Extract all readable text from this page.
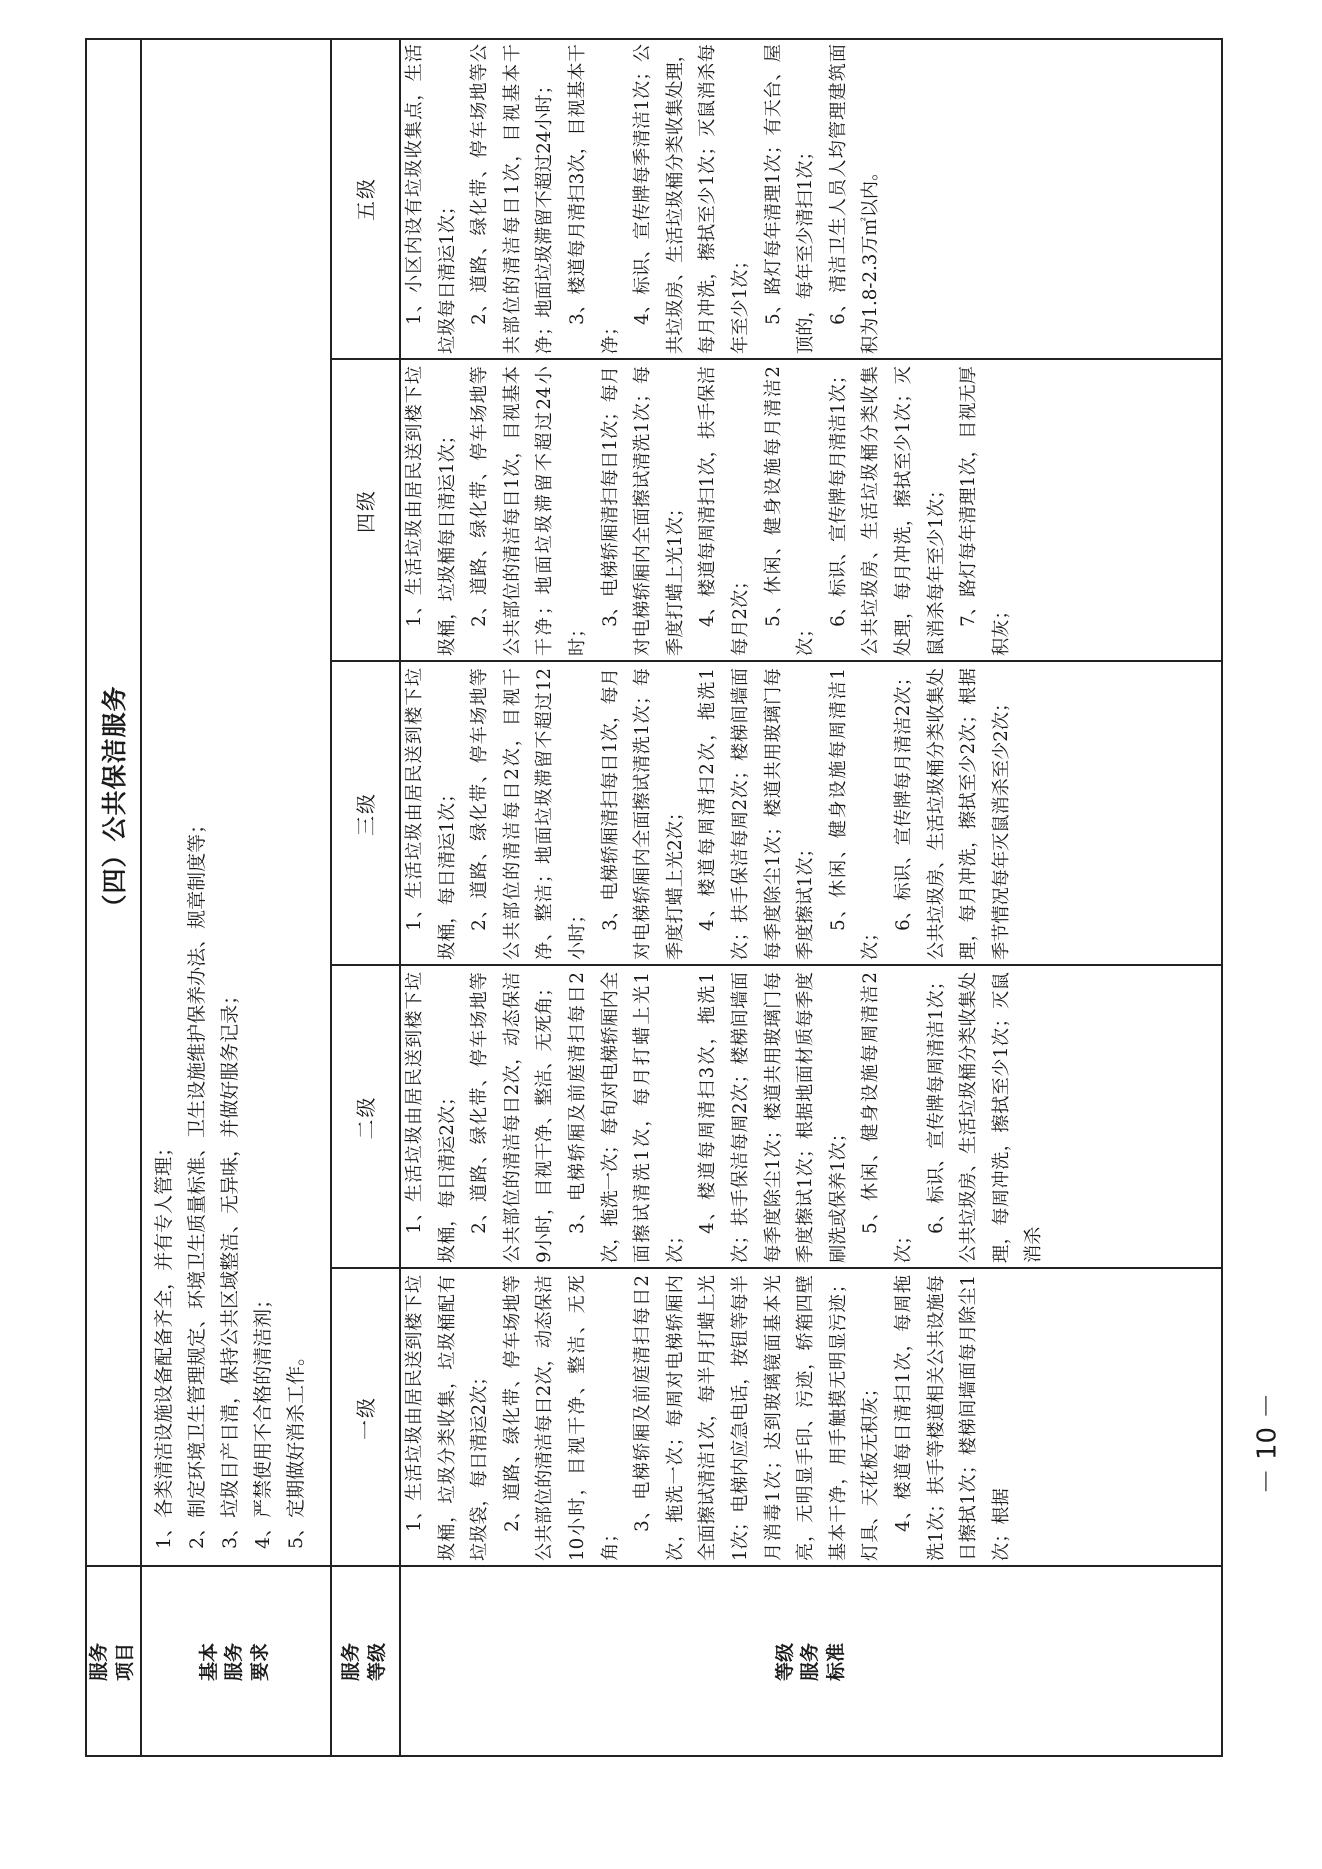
服务
项目
（四）公共保洁服务
基本
服务
要求
1、各类清洁设施设备配备齐全，并有专人管理； 2、制定环境卫生管理规定、环境卫生质量标准、卫生设施维护保养办法、规章制度等； 3、垃圾日产日清，保持公共区域整洁、无异味，并做好服务记录； 4、严禁使用不合格的清洁剂； 5、定期做好消杀工作。
服务
等级
一级
二级
三级
四级
五级
等级
服务
标准

1、生活垃圾由居民送到楼下垃圾桶，垃圾分类收集，垃圾桶配有垃圾袋，每日清运2次； 2、道路、绿化带、停车场地等公共部位的清洁每日2次，动态保洁10小时，目视干净、整洁、无死角；

3、电梯轿厢及前庭清扫每日2次，拖洗一次；每周对电梯轿厢内全面擦试清洁1次，每半月打蜡上光1次；电梯内应急电话，按钮等每半月消毒1次；达到玻璃镜面基本光亮，无明显手印、污迹，轿箱四壁基本干净，用手触摸无明显污迹；灯具、天花板无积灰； 4、楼道每日清扫1次，每周拖洗1次；扶手等楼道相关公共设施每日擦拭1次；楼梯间墙面每月除尘1次；根据

1、生活垃圾由居民送到楼下垃圾桶，每日清运2次； 2、道路、绿化带、停车场地等公共部位的清洁每日2次，动态保洁9小时，目视干净、整洁、无死角； 3、电梯轿厢及前庭清扫每日2次，拖洗一次；每旬对电梯轿厢内全面擦试清洗1次，每月打蜡上光1次；

4、楼道每周清扫3次，拖洗1次；扶手保洁每周2次；楼梯间墙面每季度除尘1次；楼道共用玻璃门每季度擦试1次；根据地面材质每季度刷洗或保养1次； 5、休闲、健身设施每周清洁2次；

6、标识、宣传牌每周清洁1次；公共垃圾房、生活垃圾桶分类收集处理，每周冲洗，擦拭至少1次；灭鼠消杀

1、生活垃圾由居民送到楼下垃圾桶，每日清运1次； 2、道路、绿化带、停车场地等公共部位的清洁每日2次，目视干净、整洁；地面垃圾滞留不超过12小时；

3、电梯轿厢清扫每日1次，每月对电梯轿厢内全面擦试清洗1次；每季度打蜡上光2次； 4、楼道每周清扫2次，拖洗1次；扶手保洁每周2次；楼梯间墙面每季度除尘1次；楼道共用玻璃门每季度擦试1次； 5、休闲、健身设施每周清洁1次；

6、标识、宣传牌每月清洁2次；公共垃圾房、生活垃圾桶分类收集处理，每月冲洗，擦拭至少2次；根据季节情况每年灭鼠消杀至少2次；

1、生活垃圾由居民送到楼下垃圾桶，垃圾桶每日清运1次； 2、道路、绿化带、停车场地等公共部位的清洁每日1次，目视基本干净；地面垃圾滞留不超过24小时；

3、电梯轿厢清扫每日1次；每月对电梯轿厢内全面擦试清洗1次；每季度打蜡上光1次； 4、楼道每周清扫1次，扶手保洁每月2次； 5、休闲、健身设施每月清洁2次；

6、标识、宣传牌每月清洁1次；公共垃圾房、生活垃圾桶分类收集处理，每月冲洗，擦拭至少1次；灭鼠消杀每年至少1次； 7、路灯每年清理1次，目视无厚积灰；

1、小区内设有垃圾收集点，生活垃圾每日清运1次； 2、道路、绿化带、停车场地等公共部位的清洁每日1次，目视基本干净；地面垃圾滞留不超过24小时； 3、楼道每月清扫3次，目视基本干净；

4、标识、宣传牌每季清洁1次；公共垃圾房、生活垃圾桶分类收集处理，每月冲洗，擦拭至少1次；灭鼠消杀每年至少1次； 5、路灯每年清理1次；有天台、屋顶的，每年至少清扫1次； 6、清洁卫生人员人均管理建筑面积为1.8-2.3万㎡以内。

－ 10 －
